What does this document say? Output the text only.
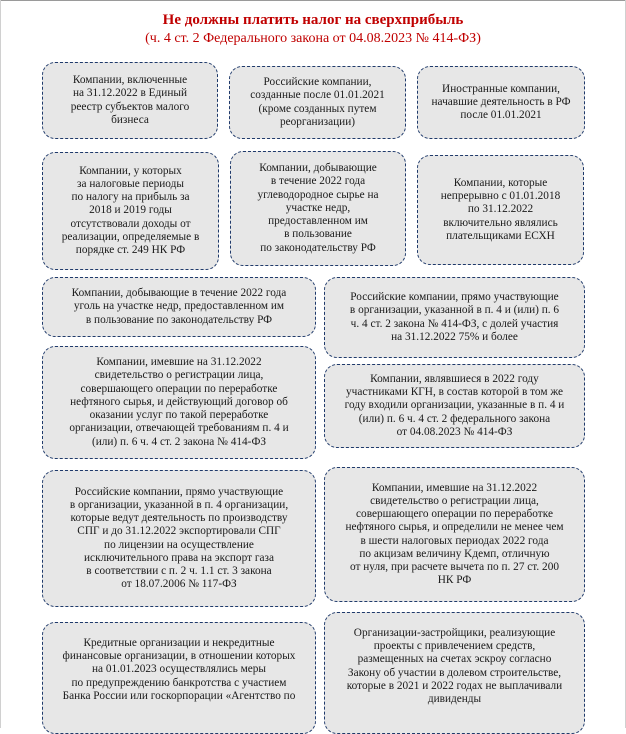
Не должны платить налог на сверхприбыль
(ч. 4 ст. 2 Федерального закона от 04.08.2023 № 414-ФЗ)
Компании, включенные
на 31.12.2022 в Единый
реестр субъектов малого
бизнеса
Российские компании,
созданные после 01.01.2021
(кроме созданных путем
реорганизации)
Иностранные компании,
начавшие деятельность в РФ
после 01.01.2021
Компании, у которых
за налоговые периоды
по налогу на прибыль за
2018 и 2019 годы
отсутствовали доходы от
реализации, определяемые в
порядке ст. 249 НК РФ
Компании, добывающие
в течение 2022 года
углеводородное сырье на
участке недр,
предоставленном им
в пользование
по законодательству РФ
Компании, которые
непрерывно с 01.01.2018
по 31.12.2022
включительно являлись
плательщиками ЕСХН
Компании, добывающие в течение 2022 года
уголь на участке недр, предоставленном им
в пользование по законодательству РФ
Российские компании, прямо участвующие
в организации, указанной в п. 4 и (или) п. 6
ч. 4 ст. 2 закона № 414-ФЗ, с долей участия
на 31.12.2022 75% и более
Компании, имевшие на 31.12.2022
свидетельство о регистрации лица,
совершающего операции по переработке
нефтяного сырья, и действующий договор об
оказании услуг по такой переработке
организации, отвечающей требованиям п. 4 и
(или) п. 6 ч. 4 ст. 2 закона № 414-ФЗ
Компании, являвшиеся в 2022 году
участниками КГН, в состав которой в том же
году входили организации, указанные в п. 4 и
(или) п. 6 ч. 4 ст. 2 федерального закона
от 04.08.2023 № 414-ФЗ
Российские компании, прямо участвующие
в организации, указанной в п. 4 организации,
которые ведут деятельность по производству
СПГ и до 31.12.2022 экспортировали СПГ
по лицензии на осуществление
исключительного права на экспорт газа
в соответствии с п. 2 ч. 1.1 ст. 3 закона
от 18.07.2006 № 117-ФЗ
Компании, имевшие на 31.12.2022
свидетельство о регистрации лица,
совершающего операции по переработке
нефтяного сырья, и определили не менее чем
в шести налоговых периодах 2022 года
по акцизам величину Kдемп, отличную
от нуля, при расчете вычета по п. 27 ст. 200
НК РФ
Кредитные организации и некредитные
финансовые организации, в отношении которых
на 01.01.2023 осуществлялись меры
по предупреждению банкротства с участием
Банка России или госкорпорации «Агентство по
Организации-застройщики, реализующие
проекты с привлечением средств,
размещенных на счетах эскроу согласно
Закону об участии в долевом строительстве,
которые в 2021 и 2022 годах не выплачивали
дивиденды
